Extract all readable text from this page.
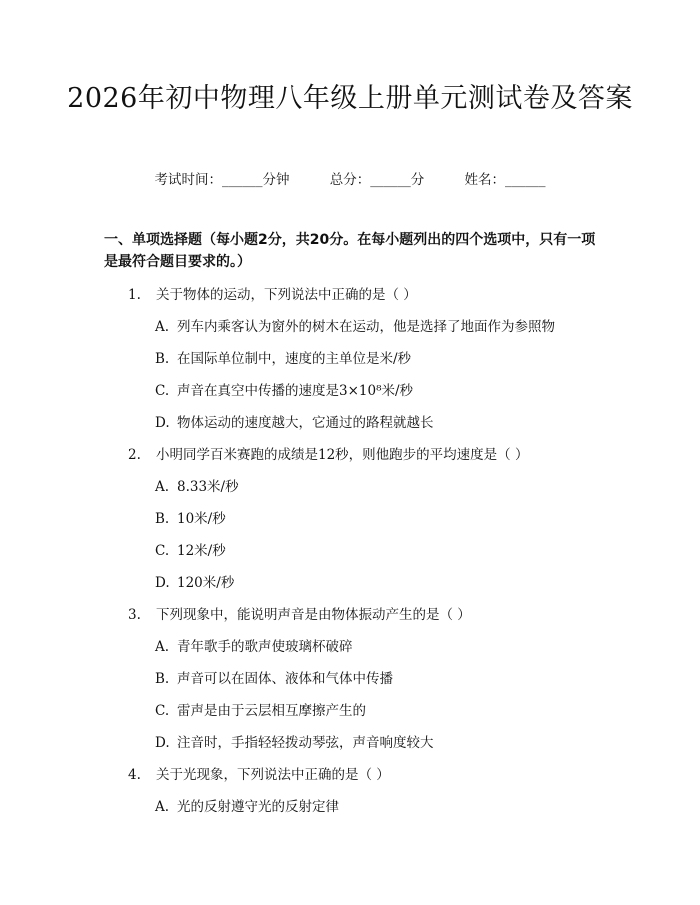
2026年初中物理八年级上册单元测试卷及答案
考试时间：______分钟	总分：______分	姓名：______
一、单项选择题（每小题2分，共20分。在每小题列出的四个选项中，只有一项是最符合题目要求的。）
1. 关于物体的运动，下列说法中正确的是（ ）
A. 列车内乘客认为窗外的树木在运动，他是选择了地面作为参照物
B. 在国际单位制中，速度的主单位是米/秒
C. 声音在真空中传播的速度是3×10⁸米/秒
D. 物体运动的速度越大，它通过的路程就越长
2. 小明同学百米赛跑的成绩是12秒，则他跑步的平均速度是（ ）
A. 8.33米/秒
B. 10米/秒
C. 12米/秒
D. 120米/秒
3. 下列现象中，能说明声音是由物体振动产生的是（ ）
A. 青年歌手的歌声使玻璃杯破碎
B. 声音可以在固体、液体和气体中传播
C. 雷声是由于云层相互摩擦产生的
D. 注音时，手指轻轻拨动琴弦，声音响度较大
4. 关于光现象，下列说法中正确的是（ ）
A. 光的反射遵守光的反射定律
